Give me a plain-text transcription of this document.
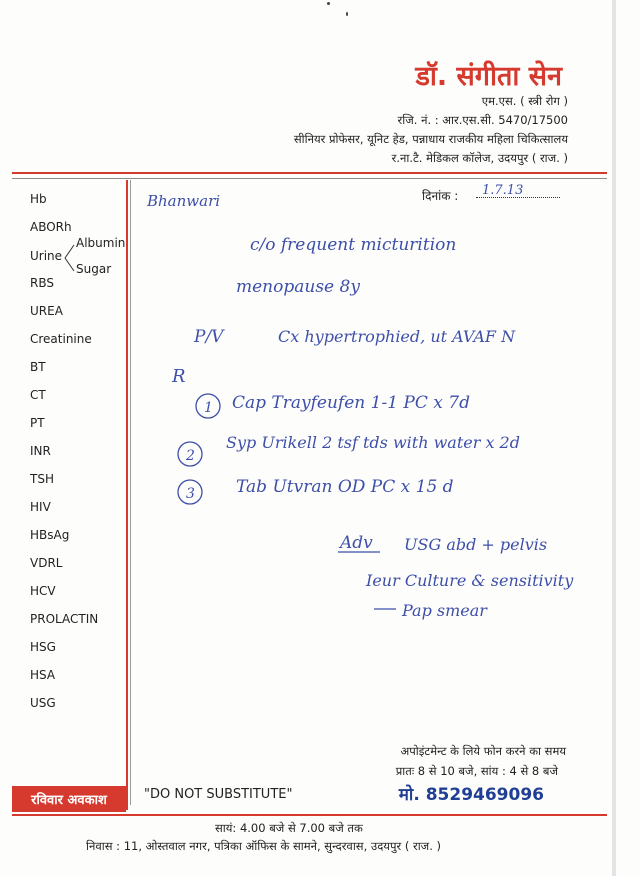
डॉ. संगीता सेन
एम.एस. ( स्त्री रोग )
रजि. नं. : आर.एस.सी. 5470/17500
सीनियर प्रोफेसर, यूनिट हेड, पन्नाधाय राजकीय महिला चिकित्सालय
र.ना.टै. मेडिकल कॉलेज, उदयपुर ( राज. )
Hb
ABORh
RBS
UREA
Creatinine
BT
CT
PT
INR
TSH
HIV
HBsAg
VDRL
HCV
PROLACTIN
HSG
HSA
USG
Urine
Albumin
Sugar
दिनांक :
Bhanwari
1.7.13
c/o frequent micturition
menopause 8y
P/V	Cx hypertrophied, ut AVAF N
R
1 Cap Trayfeufen 1-1 PC x 7d
2
Syp Urikell 2 tsf tds with water x 2d
3 Tab Utvran OD PC x 15 d
Adv USG abd + pelvis
Ieur Culture & sensitivity
Pap smear
अपोइंटमेन्ट के लिये फोन करने का समय
प्रातः 8 से 10 बजे, सांय : 4 से 8 बजे
मो. 8529469096
रविवार अवकाश	"DO NOT SUBSTITUTE"
सायं: 4.00 बजे से 7.00 बजे तक
निवास : 11, ओस्तवाल नगर, पत्रिका ऑफिस के सामने, सुन्दरवास, उदयपुर ( राज. )
